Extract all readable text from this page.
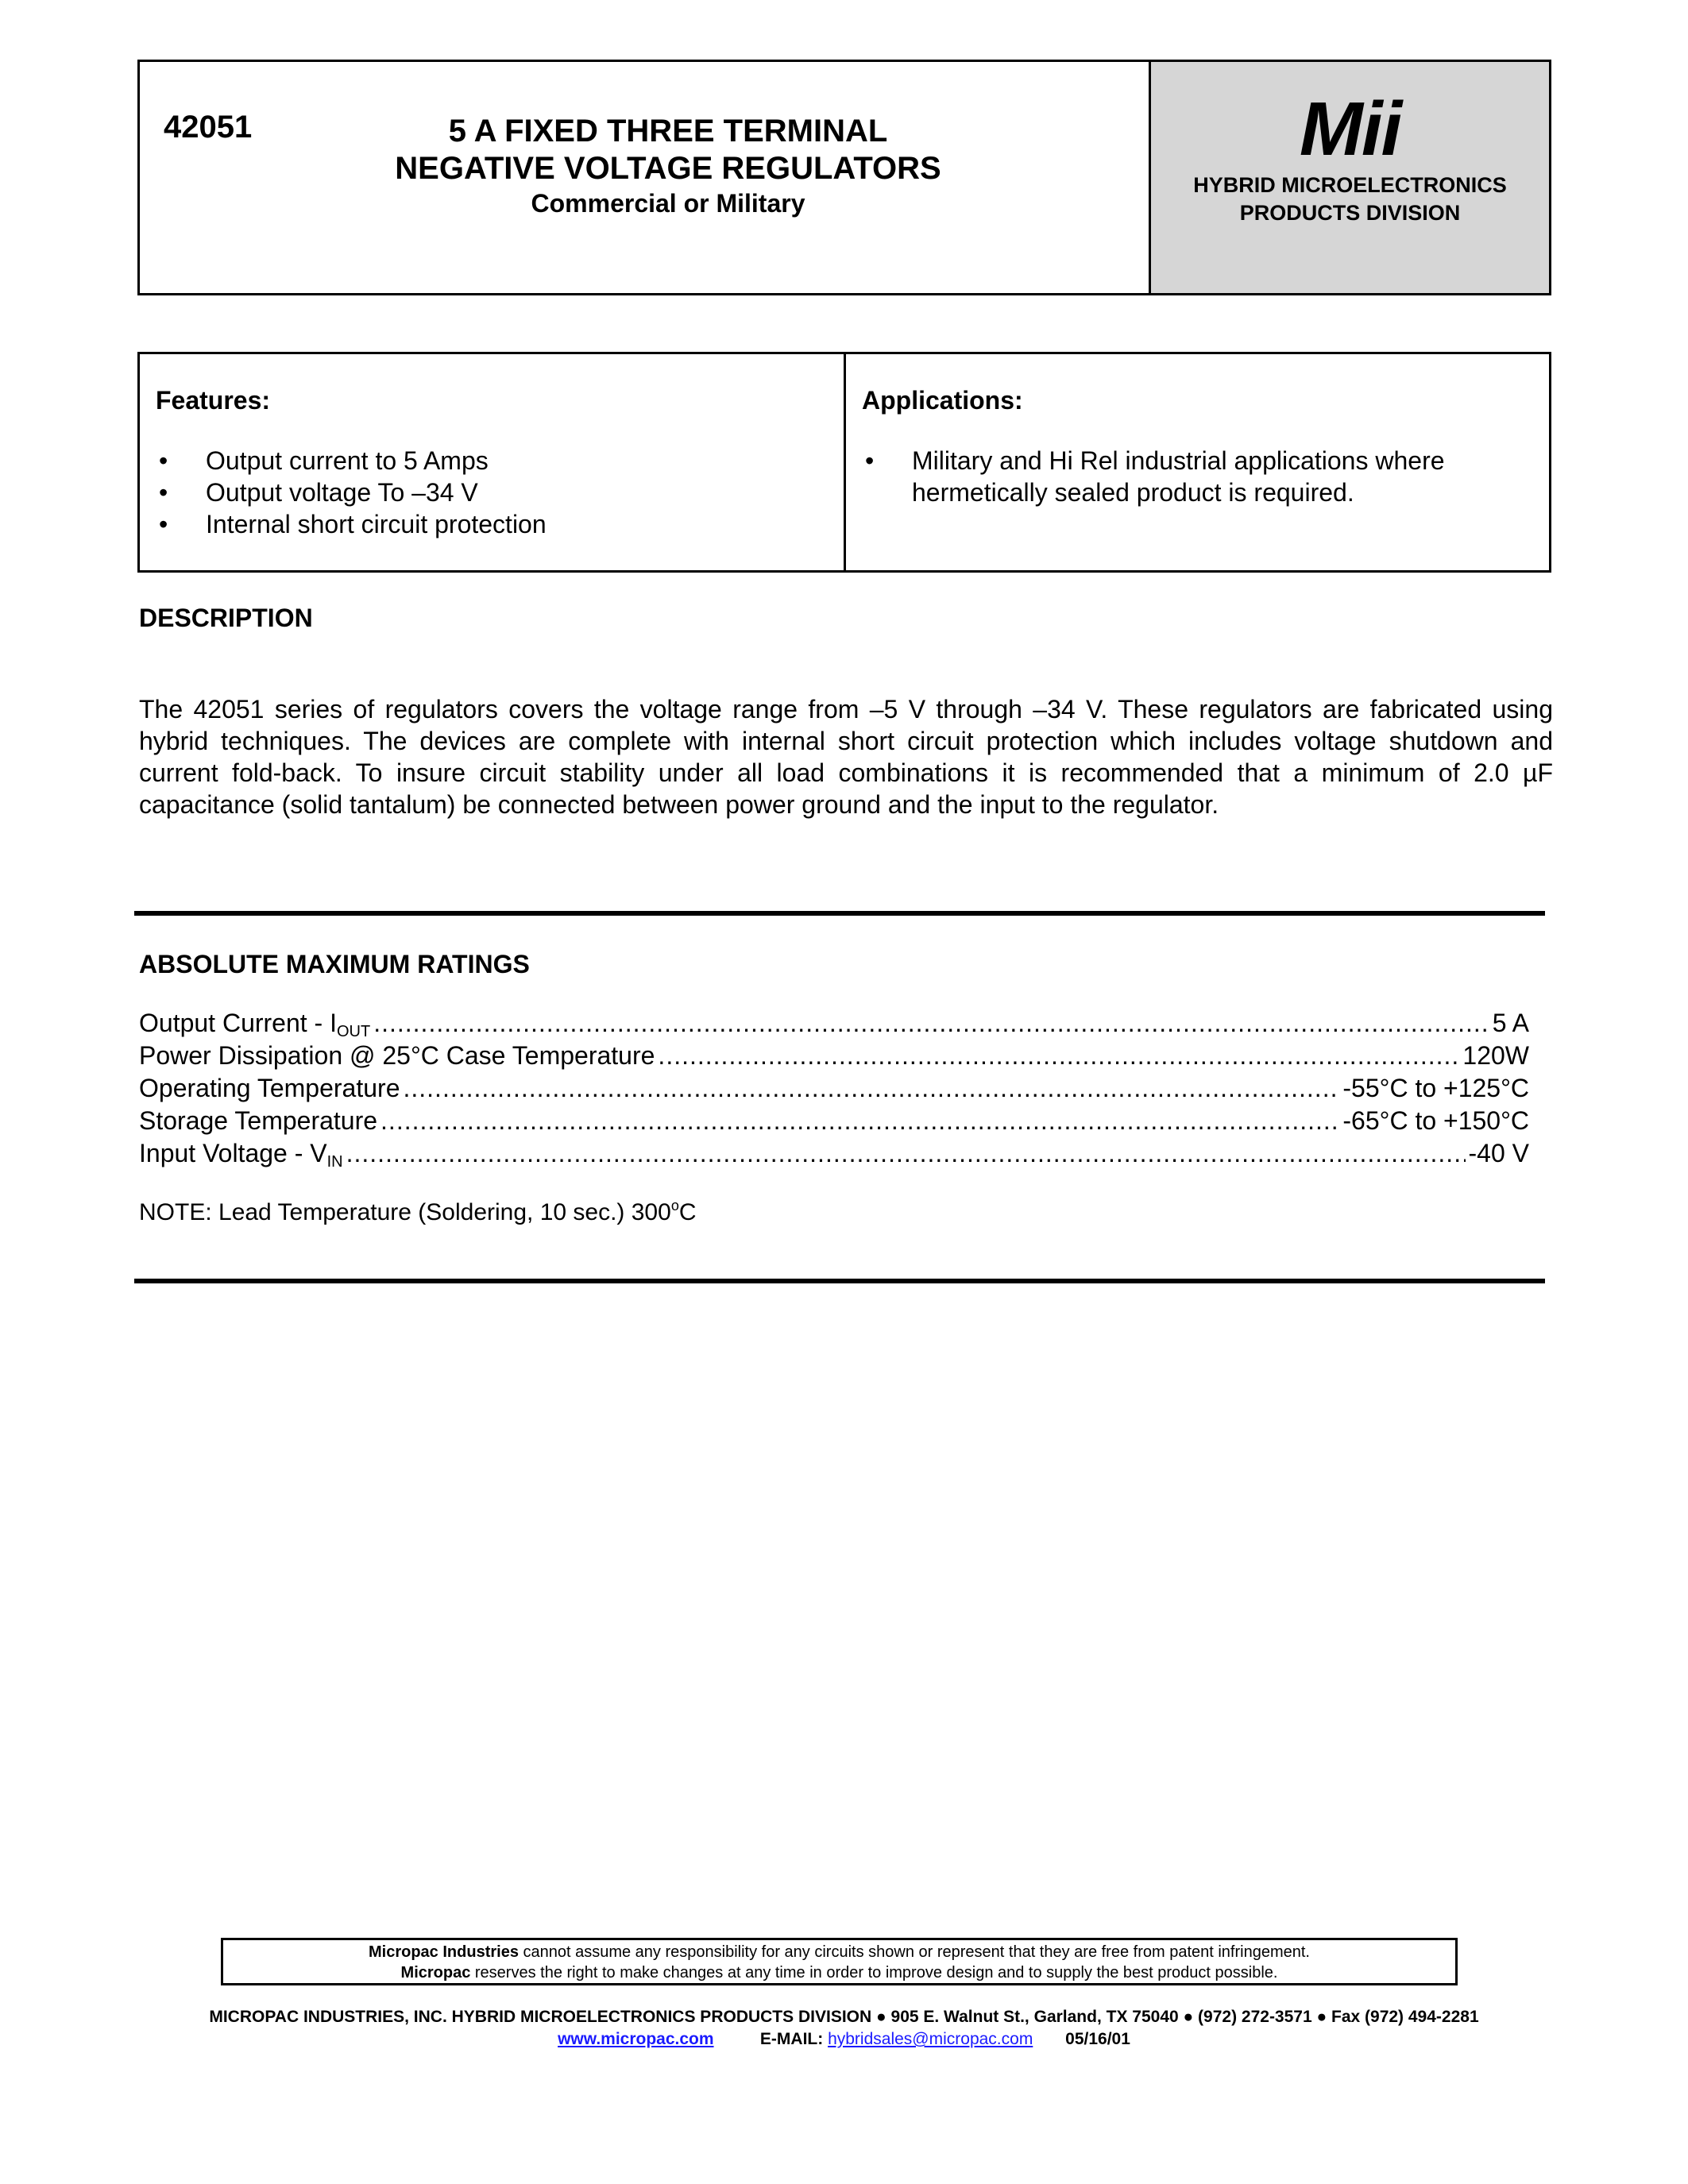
42051	5 A FIXED THREE TERMINAL
NEGATIVE VOLTAGE REGULATORS
Commercial or Military
Mii
HYBRID MICROELECTRONICS
PRODUCTS DIVISION
Features:
• Output current to 5 Amps
• Output voltage To –34 V
• Internal short circuit protection
Applications:
• Military and Hi Rel industrial applications where hermetically sealed product is required.
DESCRIPTION

The 42051 series of regulators covers the voltage range from –5 V through –34 V. These regulators are fabricated using hybrid techniques. The devices are complete with internal short circuit protection which includes voltage shutdown and current fold-back. To insure circuit stability under all load combinations it is recommended that a minimum of 2.0 µF capacitance (solid tantalum) be connected between power ground and the input to the regulator.

ABSOLUTE MAXIMUM RATINGS
Output Current - $I_{OUT}$ .....	5 A
Power Dissipation @ 25°C Case Temperature .....	120W
Operating Temperature .....	-55°C to +125°C
Storage Temperature .....	-65°C to +150°C
Input Voltage - $V_{IN}$ .....	-40 V
NOTE: Lead Temperature (Soldering, 10 sec.) 300$^o$C
Micropac Industries cannot assume any responsibility for any circuits shown or represent that they are free from patent infringement.
Micropac reserves the right to make changes at any time in order to improve design and to supply the best product possible.
MICROPAC INDUSTRIES, INC. HYBRID MICROELECTRONICS PRODUCTS DIVISION ● 905 E. Walnut St., Garland, TX 75040 ● (972) 272-3571 ● Fax (972) 494-2281
www.micropac.com	E-MAIL: hybridsales@micropac.com 05/16/01
